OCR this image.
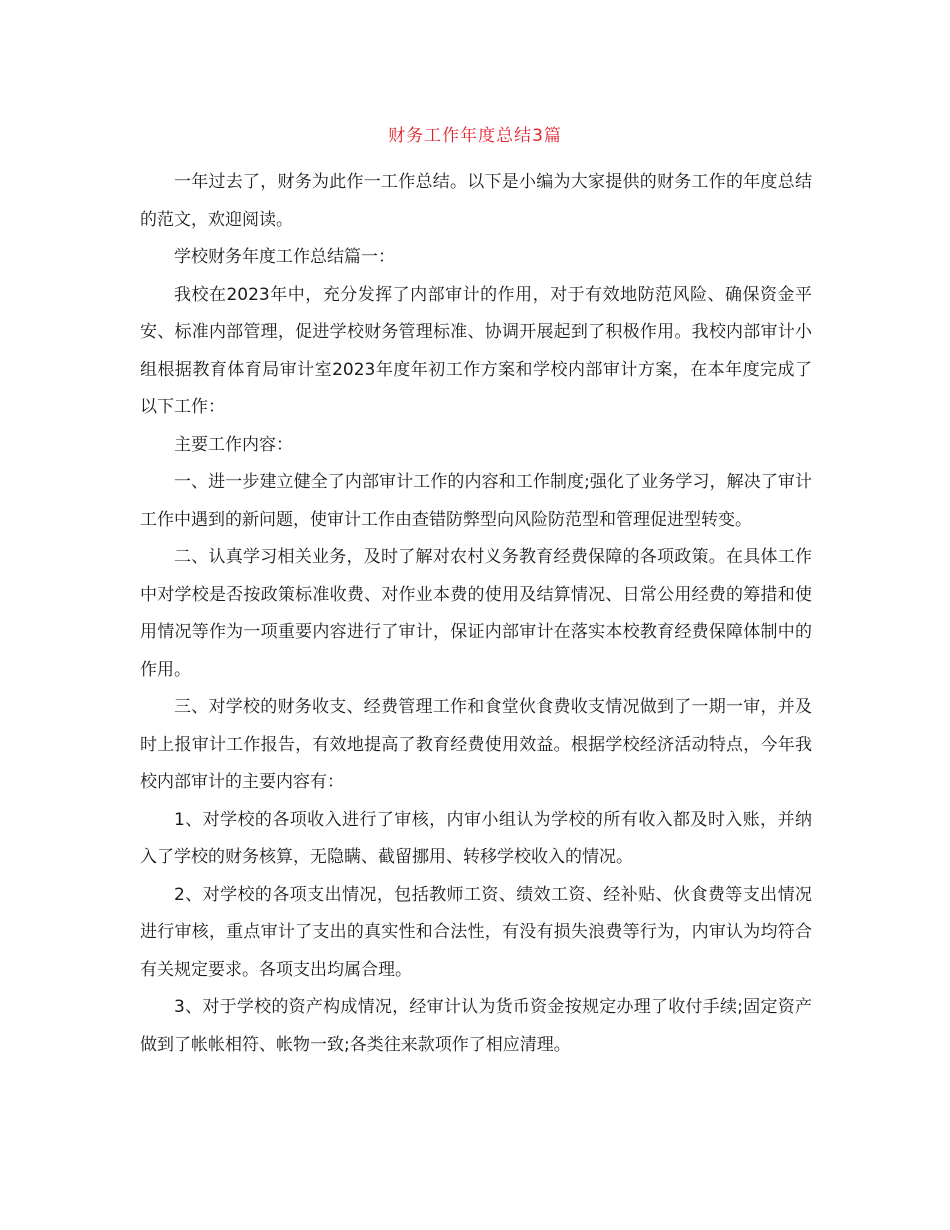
财务工作年度总结3篇

一年过去了，财务为此作一工作总结。以下是小编为大家提供的财务工作的年度总结的范文，欢迎阅读。

学校财务年度工作总结篇一：

我校在2023年中，充分发挥了内部审计的作用，对于有效地防范风险、确保资金平安、标准内部管理，促进学校财务管理标准、协调开展起到了积极作用。我校内部审计小组根据教育体育局审计室2023年度年初工作方案和学校内部审计方案，在本年度完成了以下工作：

主要工作内容：

一、进一步建立健全了内部审计工作的内容和工作制度;强化了业务学习，解决了审计工作中遇到的新问题，使审计工作由查错防弊型向风险防范型和管理促进型转变。

二、认真学习相关业务，及时了解对农村义务教育经费保障的各项政策。在具体工作中对学校是否按政策标准收费、对作业本费的使用及结算情况、日常公用经费的筹措和使用情况等作为一项重要内容进行了审计，保证内部审计在落实本校教育经费保障体制中的作用。

三、对学校的财务收支、经费管理工作和食堂伙食费收支情况做到了一期一审，并及时上报审计工作报告，有效地提高了教育经费使用效益。根据学校经济活动特点，今年我校内部审计的主要内容有：

1、对学校的各项收入进行了审核，内审小组认为学校的所有收入都及时入账，并纳入了学校的财务核算，无隐瞒、截留挪用、转移学校收入的情况。

2、对学校的各项支出情况，包括教师工资、绩效工资、经补贴、伙食费等支出情况进行审核，重点审计了支出的真实性和合法性，有没有损失浪费等行为，内审认为均符合有关规定要求。各项支出均属合理。

3、对于学校的资产构成情况，经审计认为货币资金按规定办理了收付手续;固定资产做到了帐帐相符、帐物一致;各类往来款项作了相应清理。
